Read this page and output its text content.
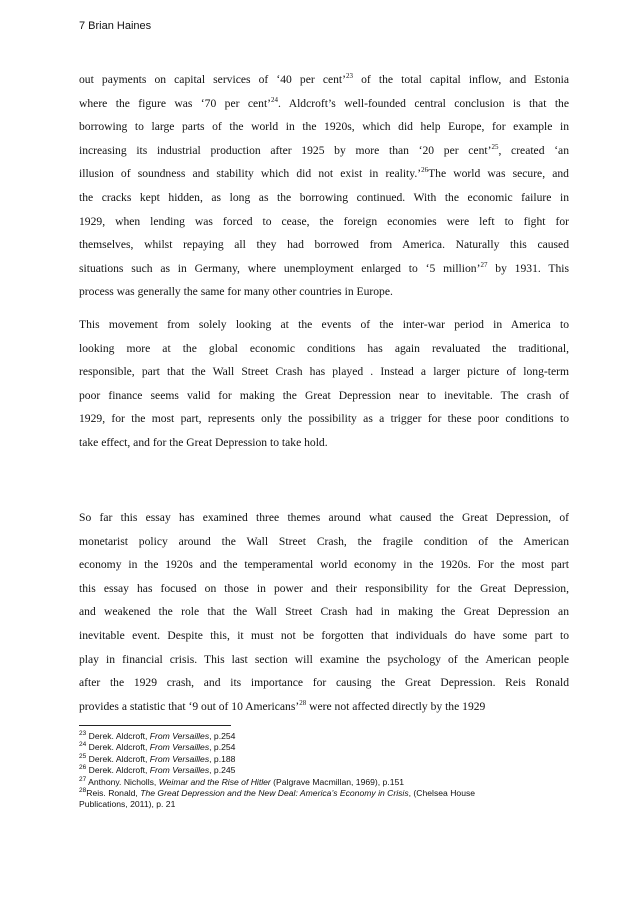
7 Brian Haines
out payments on capital services of ‘40 per cent’$^{23}$ of the total capital inflow, and Estonia
where the figure was ‘70 per cent’$^{24}$. Aldcroft’s well-founded central conclusion is that the
borrowing to large parts of the world in the 1920s, which did help Europe, for example in
increasing its industrial production after 1925 by more than ‘20 per cent’$^{25}$, created ‘an
illusion of soundness and stability which did not exist in reality.’$^{26}$The world was secure, and
the cracks kept hidden, as long as the borrowing continued. With the economic failure in
1929, when lending was forced to cease, the foreign economies were left to fight for
themselves, whilst repaying all they had borrowed from America. Naturally this caused
situations such as in Germany, where unemployment enlarged to ‘5 million’$^{27}$ by 1931. This
process was generally the same for many other countries in Europe.
This movement from solely looking at the events of the inter-war period in America to
looking more at the global economic conditions has again revaluated the traditional,
responsible, part that the Wall Street Crash has played . Instead a larger picture of long-term
poor finance seems valid for making the Great Depression near to inevitable. The crash of
1929, for the most part, represents only the possibility as a trigger for these poor conditions to
take effect, and for the Great Depression to take hold.
So far this essay has examined three themes around what caused the Great Depression, of
monetarist policy around the Wall Street Crash, the fragile condition of the American
economy in the 1920s and the temperamental world economy in the 1920s. For the most part
this essay has focused on those in power and their responsibility for the Great Depression,
and weakened the role that the Wall Street Crash had in making the Great Depression an
inevitable event. Despite this, it must not be forgotten that individuals do have some part to
play in financial crisis. This last section will examine the psychology of the American people
after the 1929 crash, and its importance for causing the Great Depression. Reis Ronald
provides a statistic that ‘9 out of 10 Americans’$^{28}$ were not affected directly by the 1929
$^{23}$ Derek. Aldcroft, From Versailles, p.254
$^{24}$ Derek. Aldcroft, From Versailles, p.254
$^{25}$ Derek. Aldcroft, From Versailles, p.188
$^{26}$ Derek. Aldcroft, From Versailles, p.245
$^{27}$ Anthony. Nicholls, Weimar and the Rise of Hitler (Palgrave Macmillan, 1969), p.151
$^{28}$Reis. Ronald, The Great Depression and the New Deal: America’s Economy in Crisis, (Chelsea House
Publications, 2011), p. 21
